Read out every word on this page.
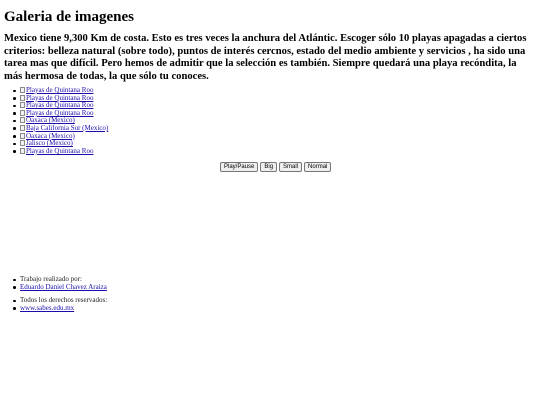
Galeria de imagenes

Mexico tiene 9,300 Km de costa. Esto es tres veces la anchura del Atlántic. Escoger sólo 10 playas apagadas a ciertos criterios: belleza natural (sobre todo), puntos de interés cercnos, estado del medio ambiente y servicios , ha sido una tarea mas que difícil. Pero hemos de admitir que la selección es también. Siempre quedará una playa recóndita, la más hermosa de todas, la que sólo tu conoces.

Playas de Quintana Roo
Playas de Quintana Roo
Playas de Quintana Roo
Playas de Quintana Roo
Oaxaca (Mexico)
Baja California Sur (Mexico)
Oaxaca (Mexico)
Jalisco (Mexico)
Playas de Quintana Roo
Play/Pause	Big	Small	Normal
Trabajo realizado por:
Eduardo Daniel Chavez Araiza
Todos los derechos reservados:
www.sabes.edu.mx
